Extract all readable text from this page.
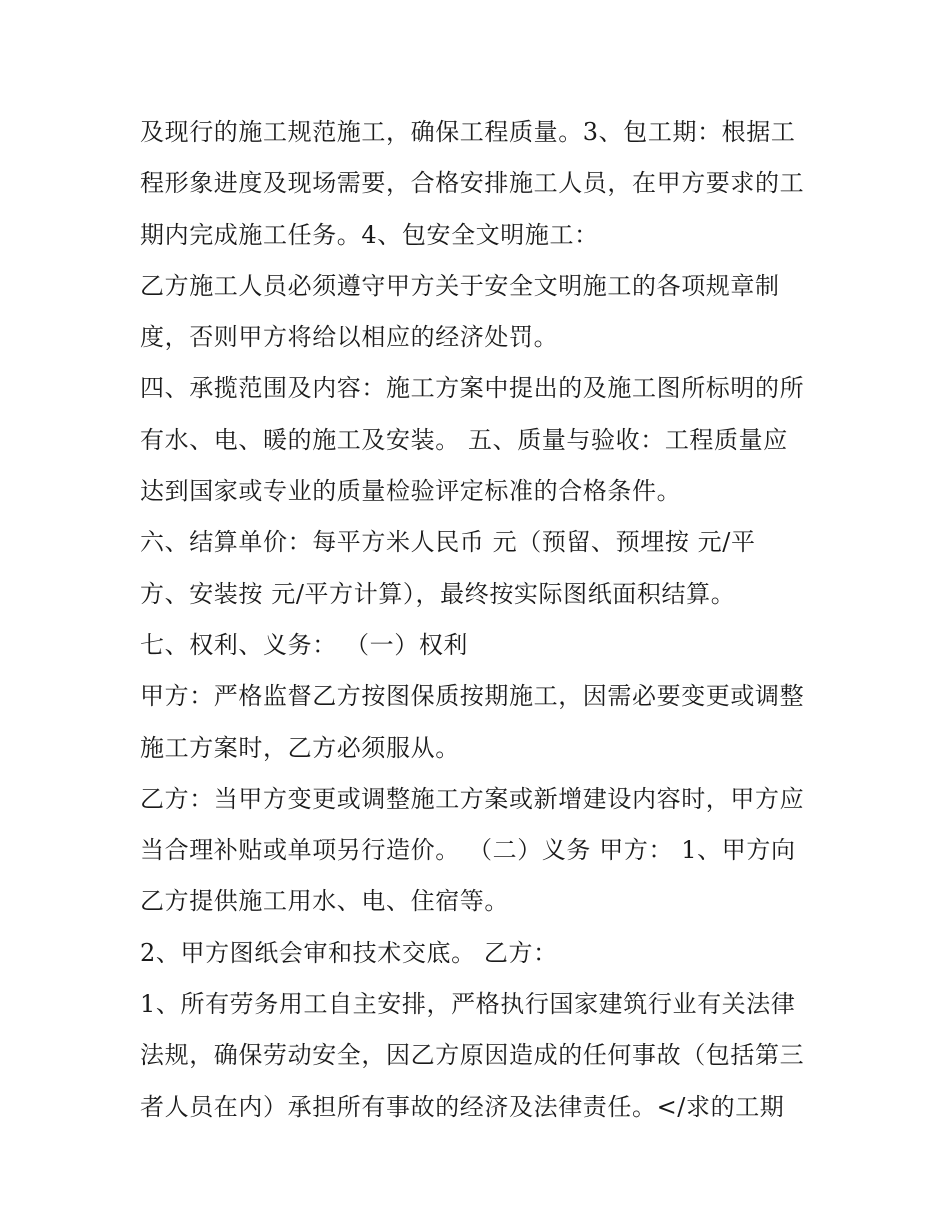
及现行的施工规范施工，确保工程质量。3、包工期：根据工
程形象进度及现场需要，合格安排施工人员，在甲方要求的工
期内完成施工任务。4、包安全文明施工：
乙方施工人员必须遵守甲方关于安全文明施工的各项规章制
度，否则甲方将给以相应的经济处罚。
四、承揽范围及内容：施工方案中提出的及施工图所标明的所
有水、电、暖的施工及安装。 五、质量与验收：工程质量应
达到国家或专业的质量检验评定标准的合格条件。
六、结算单价：每平方米人民币 元（预留、预埋按 元/平
方、安装按 元/平方计算），最终按实际图纸面积结算。
七、权利、义务： （一）权利
甲方：严格监督乙方按图保质按期施工，因需必要变更或调整
施工方案时，乙方必须服从。
乙方：当甲方变更或调整施工方案或新增建设内容时，甲方应
当合理补贴或单项另行造价。 （二）义务 甲方： 1、甲方向
乙方提供施工用水、电、住宿等。
2、甲方图纸会审和技术交底。 乙方：
1、所有劳务用工自主安排，严格执行国家建筑行业有关法律
法规，确保劳动安全，因乙方原因造成的任何事故（包括第三
者人员在内）承担所有事故的经济及法律责任。</求的工期
